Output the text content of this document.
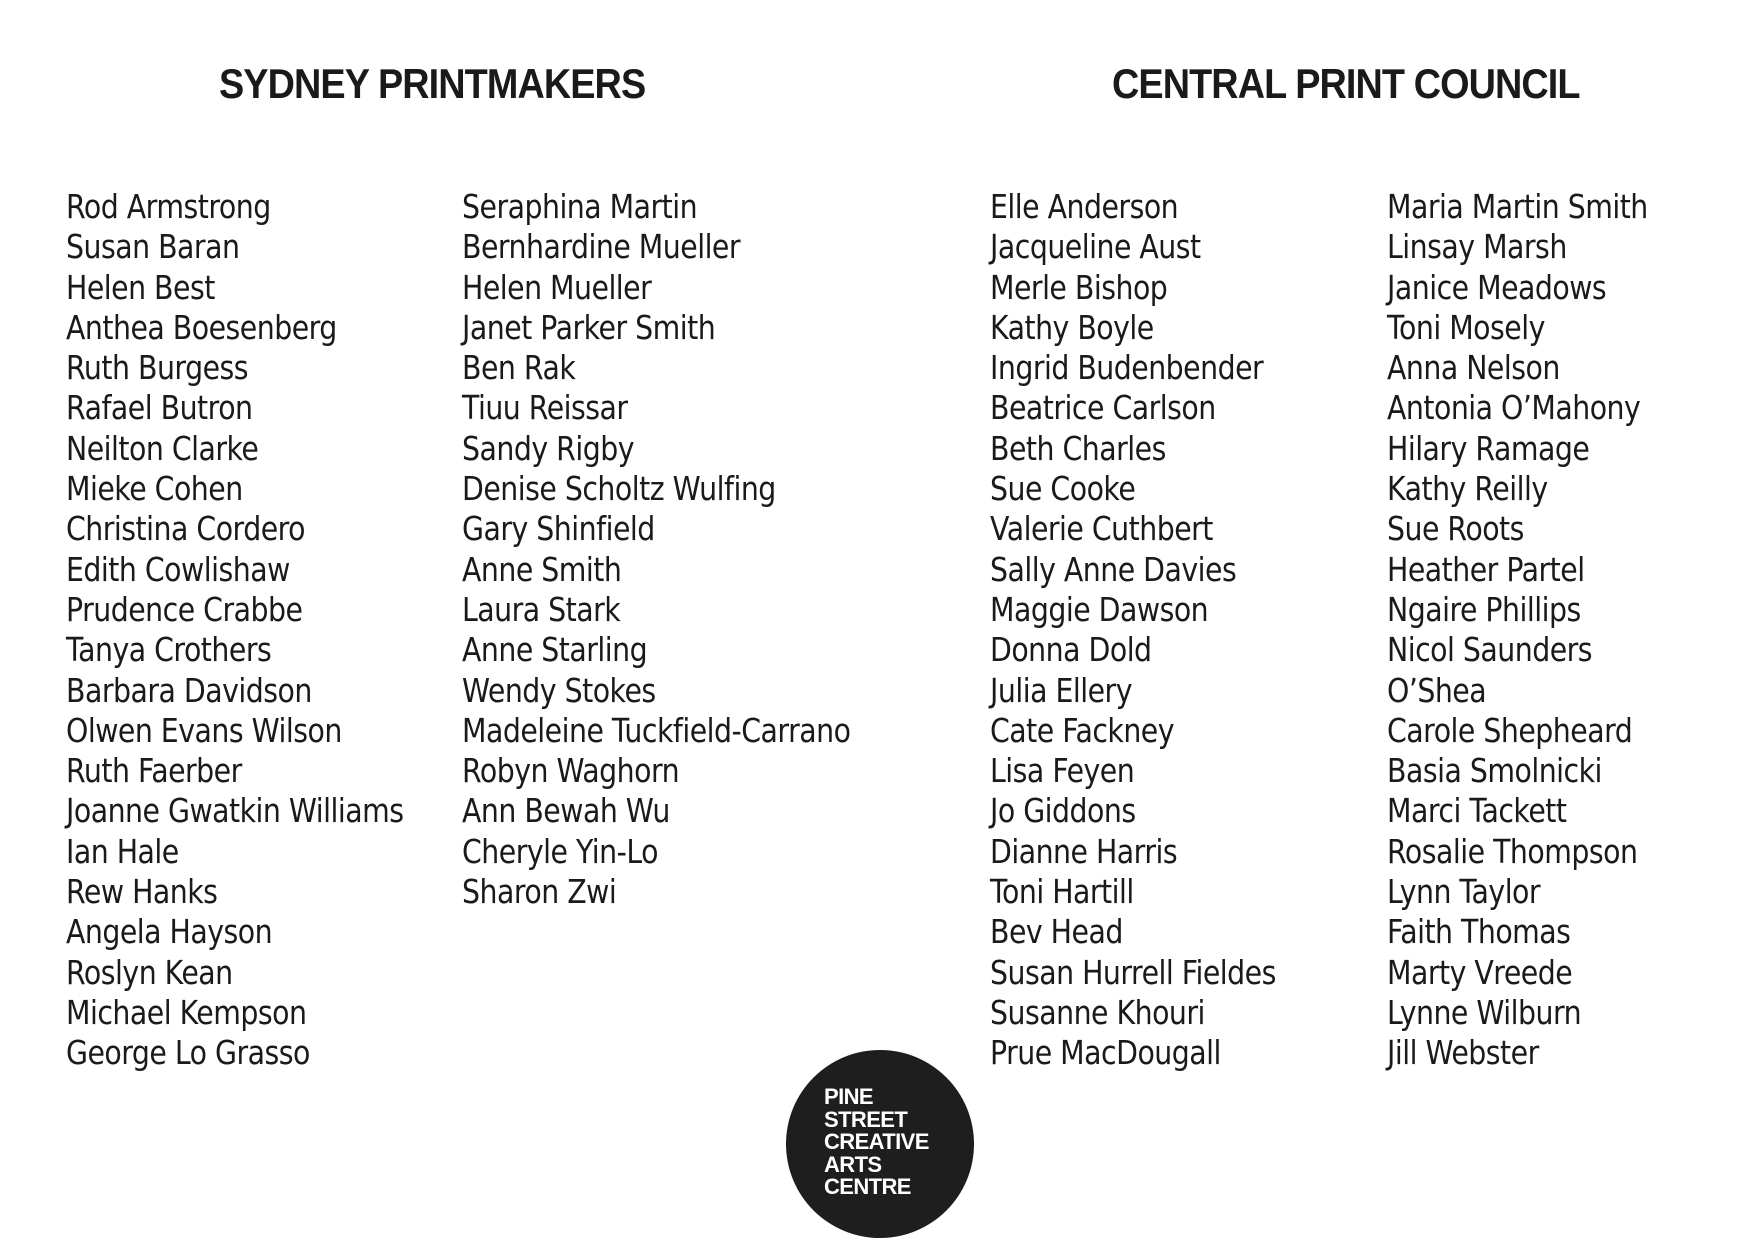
SYDNEY PRINTMAKERS	CENTRAL PRINT COUNCIL
Rod Armstrong
Susan Baran
Helen Best
Anthea Boesenberg
Ruth Burgess
Rafael Butron
Neilton Clarke
Mieke Cohen
Christina Cordero
Edith Cowlishaw
Prudence Crabbe
Tanya Crothers
Barbara Davidson
Olwen Evans Wilson
Ruth Faerber
Joanne Gwatkin Williams
Ian Hale
Rew Hanks
Angela Hayson
Roslyn Kean
Michael Kempson
George Lo Grasso
Seraphina Martin
Bernhardine Mueller
Helen Mueller
Janet Parker Smith
Ben Rak
Tiuu Reissar
Sandy Rigby
Denise Scholtz Wulfing
Gary Shinfield
Anne Smith
Laura Stark
Anne Starling
Wendy Stokes
Madeleine Tuckfield-Carrano
Robyn Waghorn
Ann Bewah Wu
Cheryle Yin-Lo
Sharon Zwi
Elle Anderson
Jacqueline Aust
Merle Bishop
Kathy Boyle
Ingrid Budenbender
Beatrice Carlson
Beth Charles
Sue Cooke
Valerie Cuthbert
Sally Anne Davies
Maggie Dawson
Donna Dold
Julia Ellery
Cate Fackney
Lisa Feyen
Jo Giddons
Dianne Harris
Toni Hartill
Bev Head
Susan Hurrell Fieldes
Susanne Khouri
Prue MacDougall
Maria Martin Smith
Linsay Marsh
Janice Meadows
Toni Mosely
Anna Nelson
Antonia O’Mahony
Hilary Ramage
Kathy Reilly
Sue Roots
Heather Partel
Ngaire Phillips
Nicol Saunders
O’Shea
Carole Shepheard
Basia Smolnicki
Marci Tackett
Rosalie Thompson
Lynn Taylor
Faith Thomas
Marty Vreede
Lynne Wilburn
Jill Webster
PINE
STREET
CREATIVE
ARTS
CENTRE
